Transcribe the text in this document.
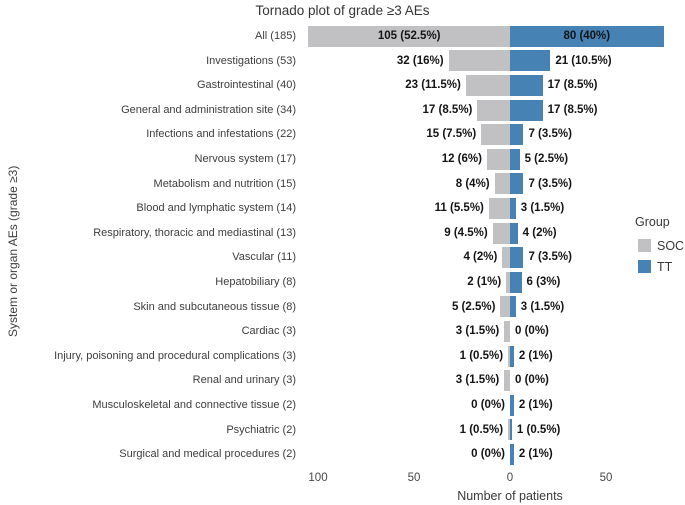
Tornado plot of grade ≥3 AEs
System or organ AEs (grade ≥3)
All (185)	105 (52.5%)	80 (40%)
Investigations (53)	32 (16%)	21 (10.5%)
Gastrointestinal (40)	23 (11.5%)	17 (8.5%)
General and administration site (34)	17 (8.5%)	17 (8.5%)
Infections and infestations (22)	15 (7.5%)	7 (3.5%)
Nervous system (17)	12 (6%)	5 (2.5%)
Metabolism and nutrition (15)	8 (4%)	7 (3.5%)
Blood and lymphatic system (14)	11 (5.5%)	3 (1.5%)
Respiratory, thoracic and mediastinal (13)	9 (4.5%)	4 (2%)
Vascular (11)	4 (2%)	7 (3.5%)
Hepatobiliary (8)	2 (1%) 6 (3%)
Skin and subcutaneous tissue (8)	5 (2.5%) 3 (1.5%)
Cardiac (3)	3 (1.5%) 0 (0%)
Injury, poisoning and procedural complications (3)	1 (0.5%) 2 (1%)
Renal and urinary (3)	3 (1.5%) 0 (0%)
Musculoskeletal and connective tissue (2)	0 (0%) 2 (1%)
Psychiatric (2)	1 (0.5%) 1 (0.5%)
Surgical and medical procedures (2)	0 (0%) 2 (1%)
100	50	0	50
Number of patients
Group
SOC
TT
